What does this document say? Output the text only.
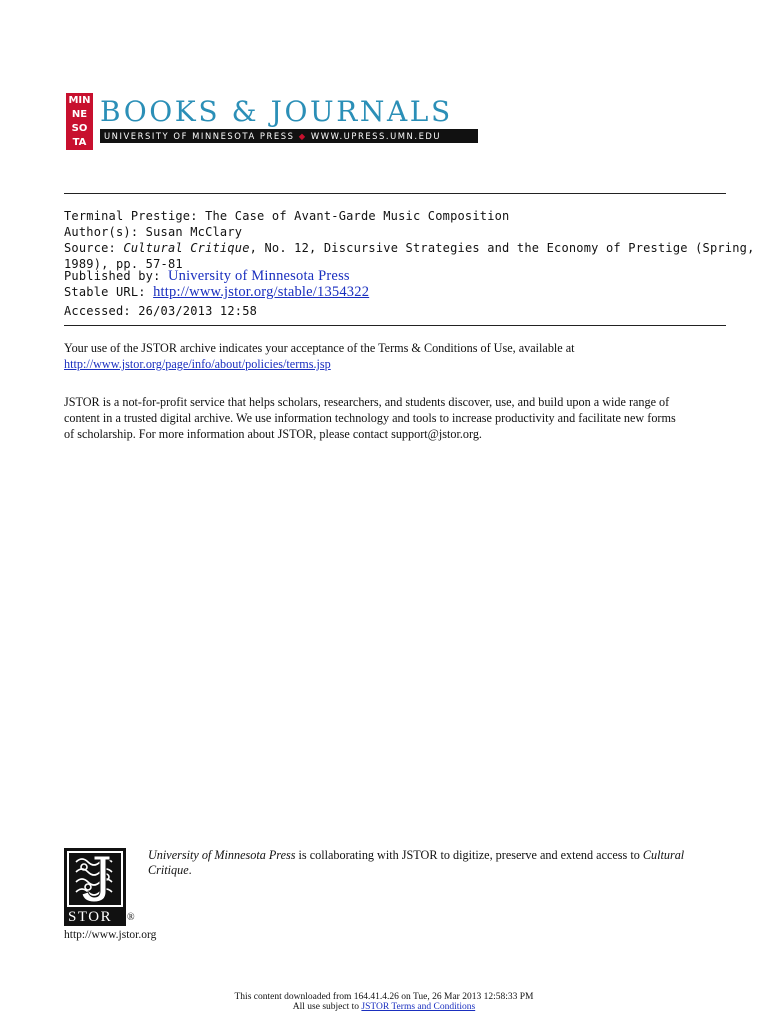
MIN
NE
SO
TA
BOOKS & JOURNALS
UNIVERSITY OF MINNESOTA PRESS ◆ WWW.UPRESS.UMN.EDU
Terminal Prestige: The Case of Avant-Garde Music Composition
Author(s): Susan McClary
Source: Cultural Critique, No. 12, Discursive Strategies and the Economy of Prestige (Spring,
1989), pp. 57-81
Published by: University of Minnesota Press
Stable URL: http://www.jstor.org/stable/1354322
Accessed: 26/03/2013 12:58
Your use of the JSTOR archive indicates your acceptance of the Terms & Conditions of Use, available at
http://www.jstor.org/page/info/about/policies/terms.jsp
JSTOR is a not-for-profit service that helps scholars, researchers, and students discover, use, and build upon a wide range of
content in a trusted digital archive. We use information technology and tools to increase productivity and facilitate new forms
of scholarship. For more information about JSTOR, please contact support@jstor.org.
STOR ®
http://www.jstor.org
University of Minnesota Press is collaborating with JSTOR to digitize, preserve and extend access to Cultural
Critique.
This content downloaded from 164.41.4.26 on Tue, 26 Mar 2013 12:58:33 PM
All use subject to JSTOR Terms and Conditions
